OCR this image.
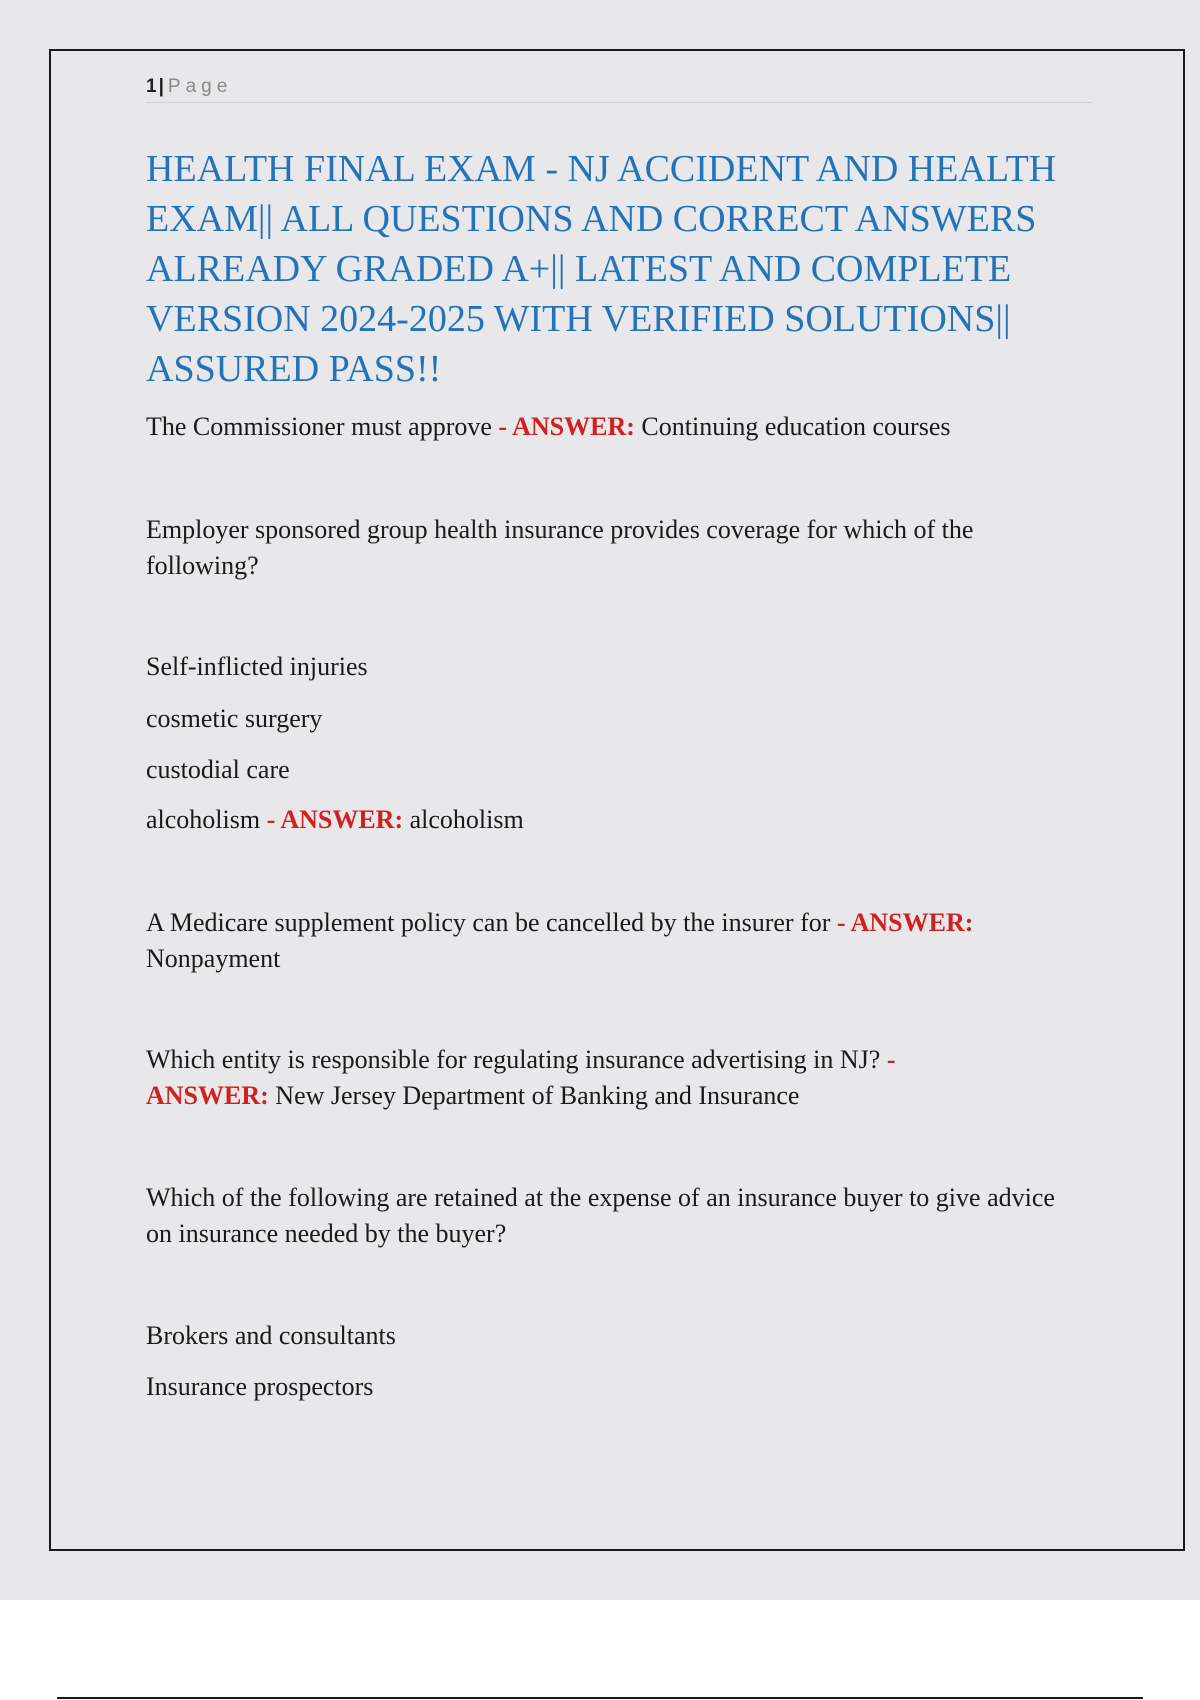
1 | Page
HEALTH FINAL EXAM - NJ ACCIDENT AND HEALTH EXAM|| ALL QUESTIONS AND CORRECT ANSWERS ALREADY GRADED A+|| LATEST AND COMPLETE VERSION 2024-2025 WITH VERIFIED SOLUTIONS|| ASSURED PASS!!

The Commissioner must approve - ANSWER: Continuing education courses

Employer sponsored group health insurance provides coverage for which of the following?

Self-inflicted injuries

cosmetic surgery

custodial care

alcoholism - ANSWER: alcoholism

A Medicare supplement policy can be cancelled by the insurer for - ANSWER:
Nonpayment

Which entity is responsible for regulating insurance advertising in NJ? -
ANSWER: New Jersey Department of Banking and Insurance

Which of the following are retained at the expense of an insurance buyer to give advice on insurance needed by the buyer?

Brokers and consultants

Insurance prospectors
